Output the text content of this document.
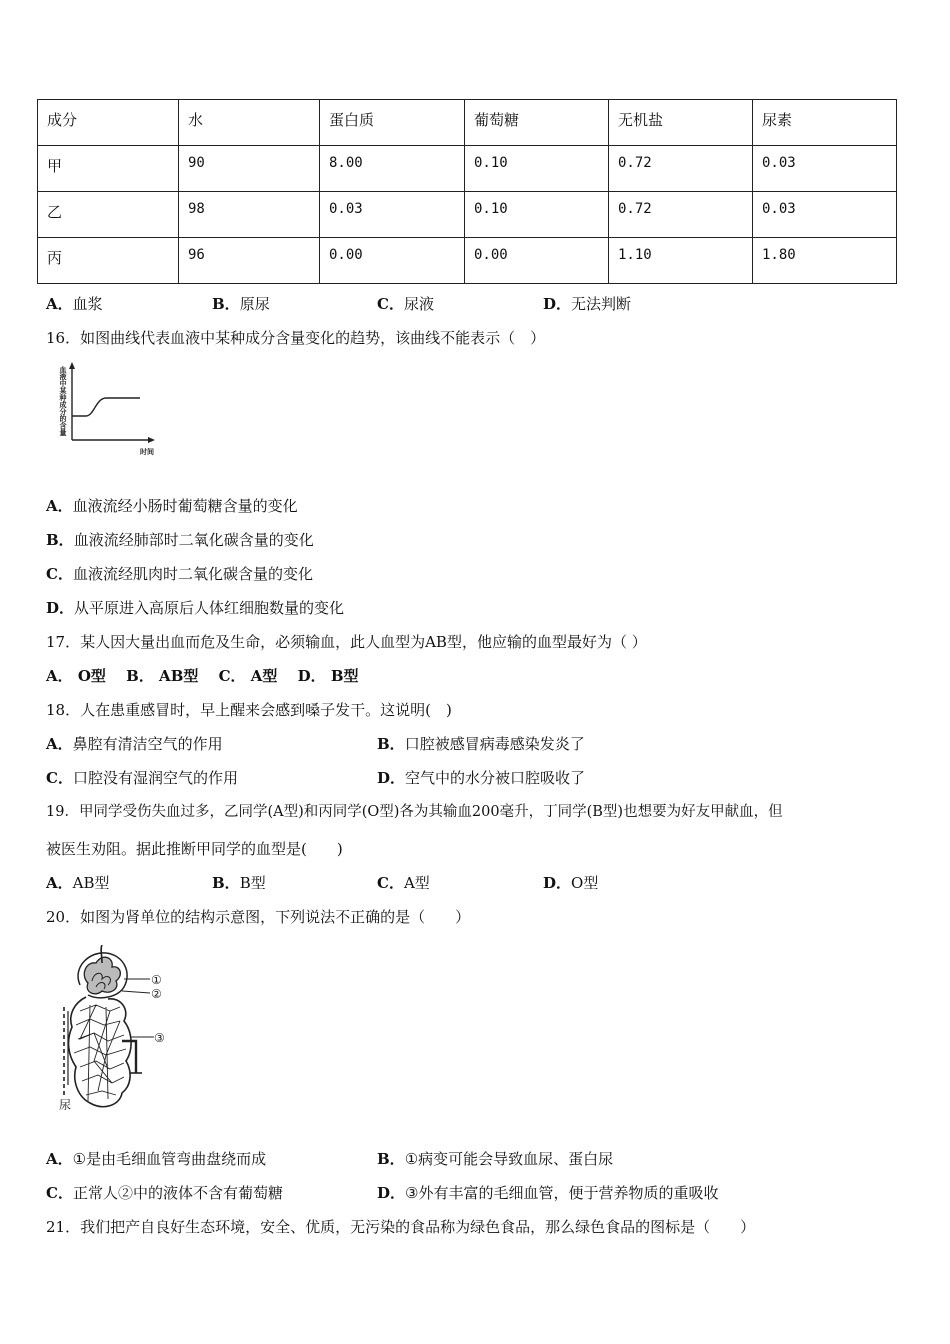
成分	水	蛋白质	葡萄糖	无机盐	尿素
甲	90	8.00	0.10	0.72	0.03
乙	98	0.03	0.10	0.72	0.03
丙	96	0.00	0.00	1.10	1.80
A．血浆	B．原尿	C．尿液	D．无法判断
16．如图曲线代表血液中某种成分含量变化的趋势，该曲线不能表示（　）
血液中某种成分的含量
时间
A．血液流经小肠时葡萄糖含量的变化
B．血液流经肺部时二氧化碳含量的变化
C．血液流经肌肉时二氧化碳含量的变化
D．从平原进入高原后人体红细胞数量的变化
17．某人因大量出血而危及生命，必须输血，此人血型为AB型，他应输的血型最好为（ ）
A． O型　 B． AB型　 C． A型　 D． B型
18．人在患重感冒时，早上醒来会感到嗓子发干。这说明(　)
A．鼻腔有清洁空气的作用	B．口腔被感冒病毒感染发炎了
C．口腔没有湿润空气的作用	D．空气中的水分被口腔吸收了
19．甲同学受伤失血过多，乙同学(A型)和丙同学(O型)各为其输血200毫升，丁同学(B型)也想要为好友甲献血，但
被医生劝阻。据此推断甲同学的血型是(　　)
A．AB型	B．B型	C．A型	D．O型
20．如图为肾单位的结构示意图，下列说法不正确的是（　　）
①
②
③
尿
A．①是由毛细血管弯曲盘绕而成	B．①病变可能会导致血尿、蛋白尿
C．正常人②中的液体不含有葡萄糖	D．③外有丰富的毛细血管，便于营养物质的重吸收
21．我们把产自良好生态环境，安全、优质，无污染的食品称为绿色食品，那么绿色食品的图标是（　　）
